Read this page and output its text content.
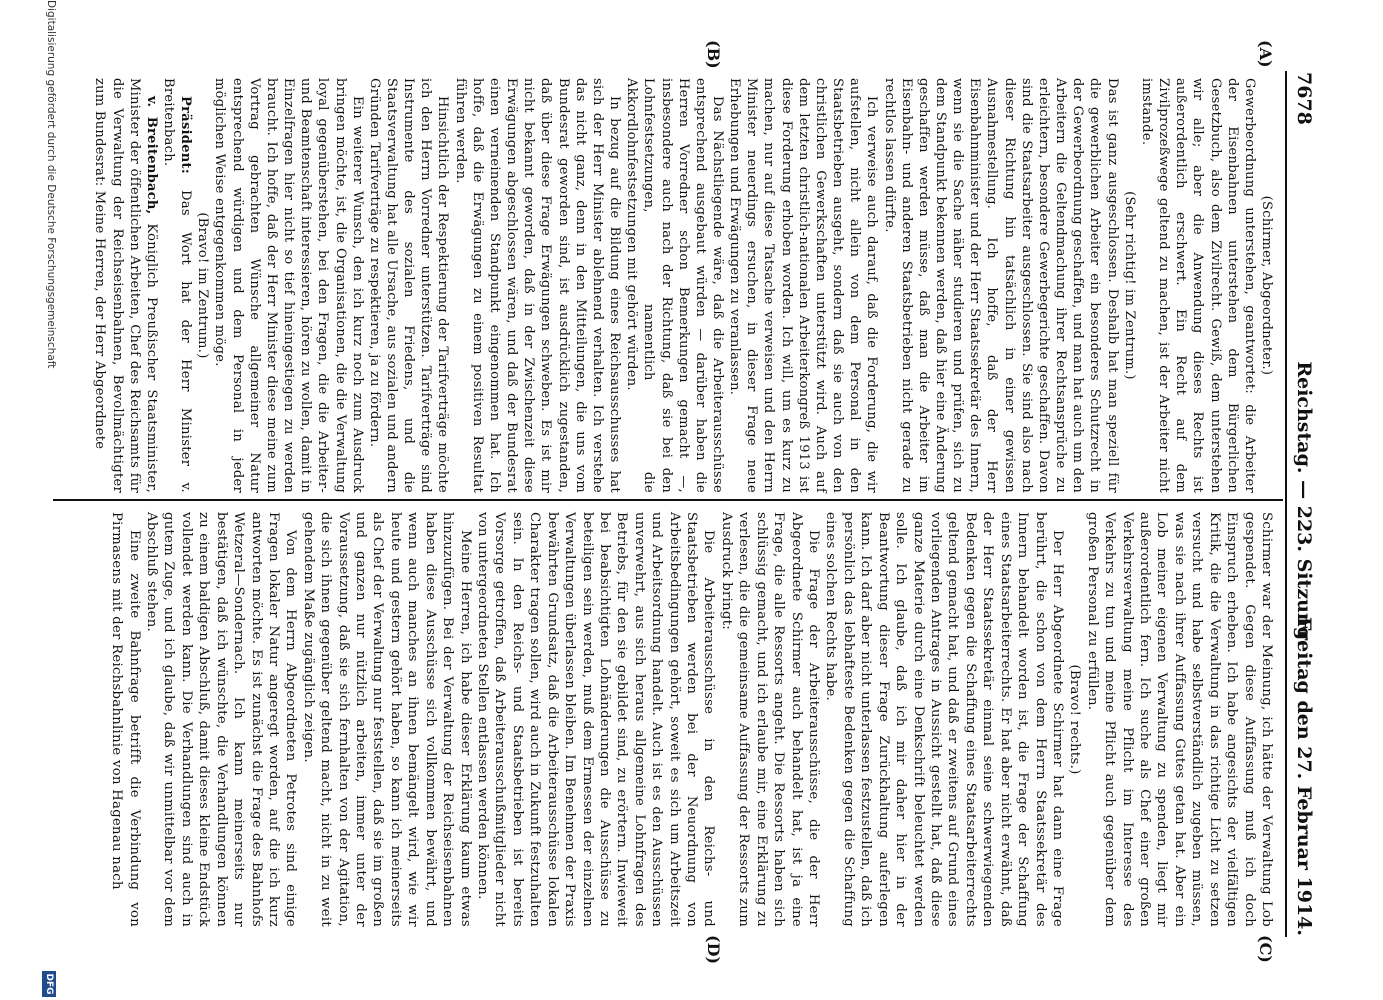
7678
Reichstag. — 223. Sitzung.
Freitag den 27. Februar 1914.
(A)
(B)
(C)
(D)

(Schirmer, Abgeordneter.)

Gewerbeordnung unterstehen, geantwortet: die Arbeiter der Eisenbahnen unterstehen dem Bürgerlichen Gesetzbuch, also dem Zivilrecht. Gewiß, dem unterstehen wir alle; aber die Anwendung dieses Rechts ist außerordentlich erschwert. Ein Recht auf dem Zivilprozeßwege geltend zu machen, ist der Arbeiter nicht imstande.

(Sehr richtig! im Zentrum.)

Das ist ganz ausgeschlossen. Deshalb hat man speziell für die gewerblichen Arbeiter ein besonderes Schutzrecht in der Gewerbeordnung geschaffen, und man hat auch um den Arbeitern die Geltendmachung ihrer Rechtsansprüche zu erleichtern, besondere Gewerbegerichte geschaffen. Davon sind die Staatsarbeiter ausgeschlossen. Sie sind also nach dieser Richtung hin tatsächlich in einer gewissen Ausnahmestellung. Ich hoffe, daß der Herr Eisenbahnminister und der Herr Staatssekretär des Innern, wenn sie die Sache näher studieren und prüfen, sich zu dem Standpunkt bekennen werden, daß hier eine Änderung geschaffen werden müsse, daß man die Arbeiter im Eisenbahn- und anderen Staatsbetrieben nicht gerade zu rechtlos lassen dürfte.

Ich verweise auch darauf, daß die Forderung, die wir aufstellen, nicht allein von dem Personal in den Staatsbetrieben ausgeht, sondern daß sie auch von den christlichen Gewerkschaften unterstützt wird. Auch auf dem letzten christlich-nationalen Arbeiterkongreß 1913 ist diese Forderung erhoben worden. Ich will, um es kurz zu machen, nur auf diese Tatsache verweisen und den Herrn Minister neuerdings ersuchen, in dieser Frage neue Erhebungen und Erwägungen zu veranlassen.

Das Nächstliegende wäre, daß die Arbeiterausschüsse entsprechend ausgebaut würden — darüber haben die Herren Vorredner schon Bemerkungen gemacht —, insbesondere auch nach der Richtung, daß sie bei den Lohnfestsetzungen, namentlich die Akkordlohnfestsetzungen mit gehört würden.

In bezug auf die Bildung eines Reichsausschusses hat sich der Herr Minister ablehnend verhalten. Ich verstehe das nicht ganz, denn in den Mitteilungen, die uns vom Bundesrat geworden sind, ist ausdrücklich zugestanden, daß über diese Frage Erwägungen schweben. Es ist mir nicht bekannt geworden, daß in der Zwischenzeit diese Erwägungen abgeschlossen wären, und daß der Bundesrat einen verneinenden Standpunkt eingenommen hat. Ich hoffe, daß die Erwägungen zu einem positiven Resultat führen werden.

Hinsichtlich der Respektierung der Tarifverträge möchte ich den Herrn Vorredner unterstützen. Tarifverträge sind Instrumente des sozialen Friedens, und die Staatsverwaltung hat alle Ursache, aus sozialen und andern Gründen Tarifverträge zu respektieren, ja zu fördern.

Ein weiterer Wunsch, den ich kurz noch zum Ausdruck bringen möchte, ist, die Organisationen, die die Verwaltung loyal gegenüberstehen, bei den Fragen, die die Arbeiter- und Beamtenschaft interessieren, hören zu wollen, damit in Einzelfragen hier nicht so tief hineingestiegen zu werden braucht. Ich hoffe, daß der Herr Minister diese meine zum Vortrag gebrachten Wünsche allgemeiner Natur entsprechend würdigen und dem Personal in jeder möglichen Weise entgegenkommen möge.

(Bravo! im Zentrum.)

Präsident: Das Wort hat der Herr Minister v. Breitenbach.

v. Breitenbach, Königlich Preußischer Staatsminister, Minister der öffentlichen Arbeiten, Chef des Reichsamts für die Verwaltung der Reichseisenbahnen, Bevollmächtigter zum Bundesrat: Meine Herren, der Herr Abgeordnete

Schirmer war der Meinung, ich hätte der Verwaltung Lob gespendet. Gegen diese Auffassung muß ich doch Einspruch erheben. Ich habe angesichts der vielfältigen Kritik, die die Verwaltung in das richtige Licht zu setzen versucht und habe selbstverständlich zugeben müssen, was sie nach ihrer Auffassung Gutes getan hat. Aber ein Lob meiner eigenen Verwaltung zu spenden, liegt mir außerordentlich fern. Ich suche als Chef einer großen Verkehrsverwaltung meine Pflicht im Interesse des Verkehrs zu tun und meine Pflicht auch gegenüber dem großen Personal zu erfüllen.

(Bravo! rechts.)

Der Herr Abgeordnete Schirmer hat dann eine Frage berührt, die schon von dem Herrn Staatssekretär des Innern behandelt worden ist, die Frage der Schaffung eines Staatsarbeiterrechts. Er hat aber nicht erwähnt, daß der Herr Staatssekretär einmal seine schwerwiegenden Bedenken gegen die Schaffung eines Staatsarbeiterrechts geltend gemacht hat, und daß er zweitens auf Grund eines vorliegenden Antrages in Aussicht gestellt hat, daß diese ganze Materie durch eine Denkschrift beleuchtet werden solle. Ich glaube, daß ich mir daher hier in der Beantwortung dieser Frage Zurückhaltung auferlegen kann. Ich darf aber nicht unterlassen festzustellen, daß ich persönlich das lebhafteste Bedenken gegen die Schaffung eines solchen Rechts habe.

Die Frage der Arbeiterausschüsse, die der Herr Abgeordnete Schirmer auch behandelt hat, ist ja eine Frage, die alle Ressorts angeht. Die Ressorts haben sich schlüssig gemacht, und ich erlaube mir, eine Erklärung zu verlesen, die die gemeinsame Auffassung der Ressorts zum Ausdruck bringt:

Die Arbeiterausschüsse in den Reichs- und Staatsbetrieben werden bei der Neuordnung von Arbeitsbedingungen gehört, soweit es sich um Arbeitszeit und Arbeitsordnung handelt. Auch ist es den Ausschüssen unverwehrt, aus sich heraus allgemeine Lohnfragen des Betriebs, für den sie gebildet sind, zu erörtern. Inwieweit bei beabsichtigten Lohnänderungen die Ausschüsse zu beteiligen sein werden, muß dem Ermessen der einzelnen Verwaltungen überlassen bleiben. Im Benehmen der Praxis bewährten Grundsatz, daß die Arbeiterausschüsse lokalen Charakter tragen sollen, wird auch in Zukunft festzuhalten sein. In den Reichs- und Staatsbetrieben ist bereits Vorsorge getroffen, daß Arbeiterausschußmitglieder nicht von untergeordneten Stellen entlassen werden können.

Meine Herren, ich habe dieser Erklärung kaum etwas hinzuzufügen. Bei der Verwaltung der Reichseisenbahnen haben diese Ausschüsse sich vollkommen bewährt, und wenn auch manches an ihnen bemängelt wird, wie wir heute und gestern gehört haben, so kann ich meinerseits als Chef der Verwaltung nur feststellen, daß sie im großen und ganzen nur nützlich arbeiten, immer unter der Voraussetzung, daß sie sich fernhalten von der Agitation, die sich ihnen gegenüber geltend macht, nicht in zu weit gehendem Maße zugänglich zeigen.

Von dem Herrn Abgeordneten Petrotes sind einige Fragen lokaler Natur angeregt worden, auf die ich kurz antworten möchte. Es ist zunächst die Frage des Bahnhofs Wetzeral—Sondernach. Ich kann meinerseits nur bestätigen, daß ich wünschte, die Verhandlungen können zu einem baldigen Abschluß, damit dieses kleine Endstück vollendet werden kann. Die Verhandlungen sind auch in gutem Zuge, und ich glaube, daß wir unmittelbar vor dem Abschluß stehen.

Eine zweite Bahnfrage betrifft die Verbindung von Pirmasens mit der Reichsbahnlinie von Hagenau nach

Digitalisierung gefördert durch die Deutsche Forschungsgemeinschaft
DFG
